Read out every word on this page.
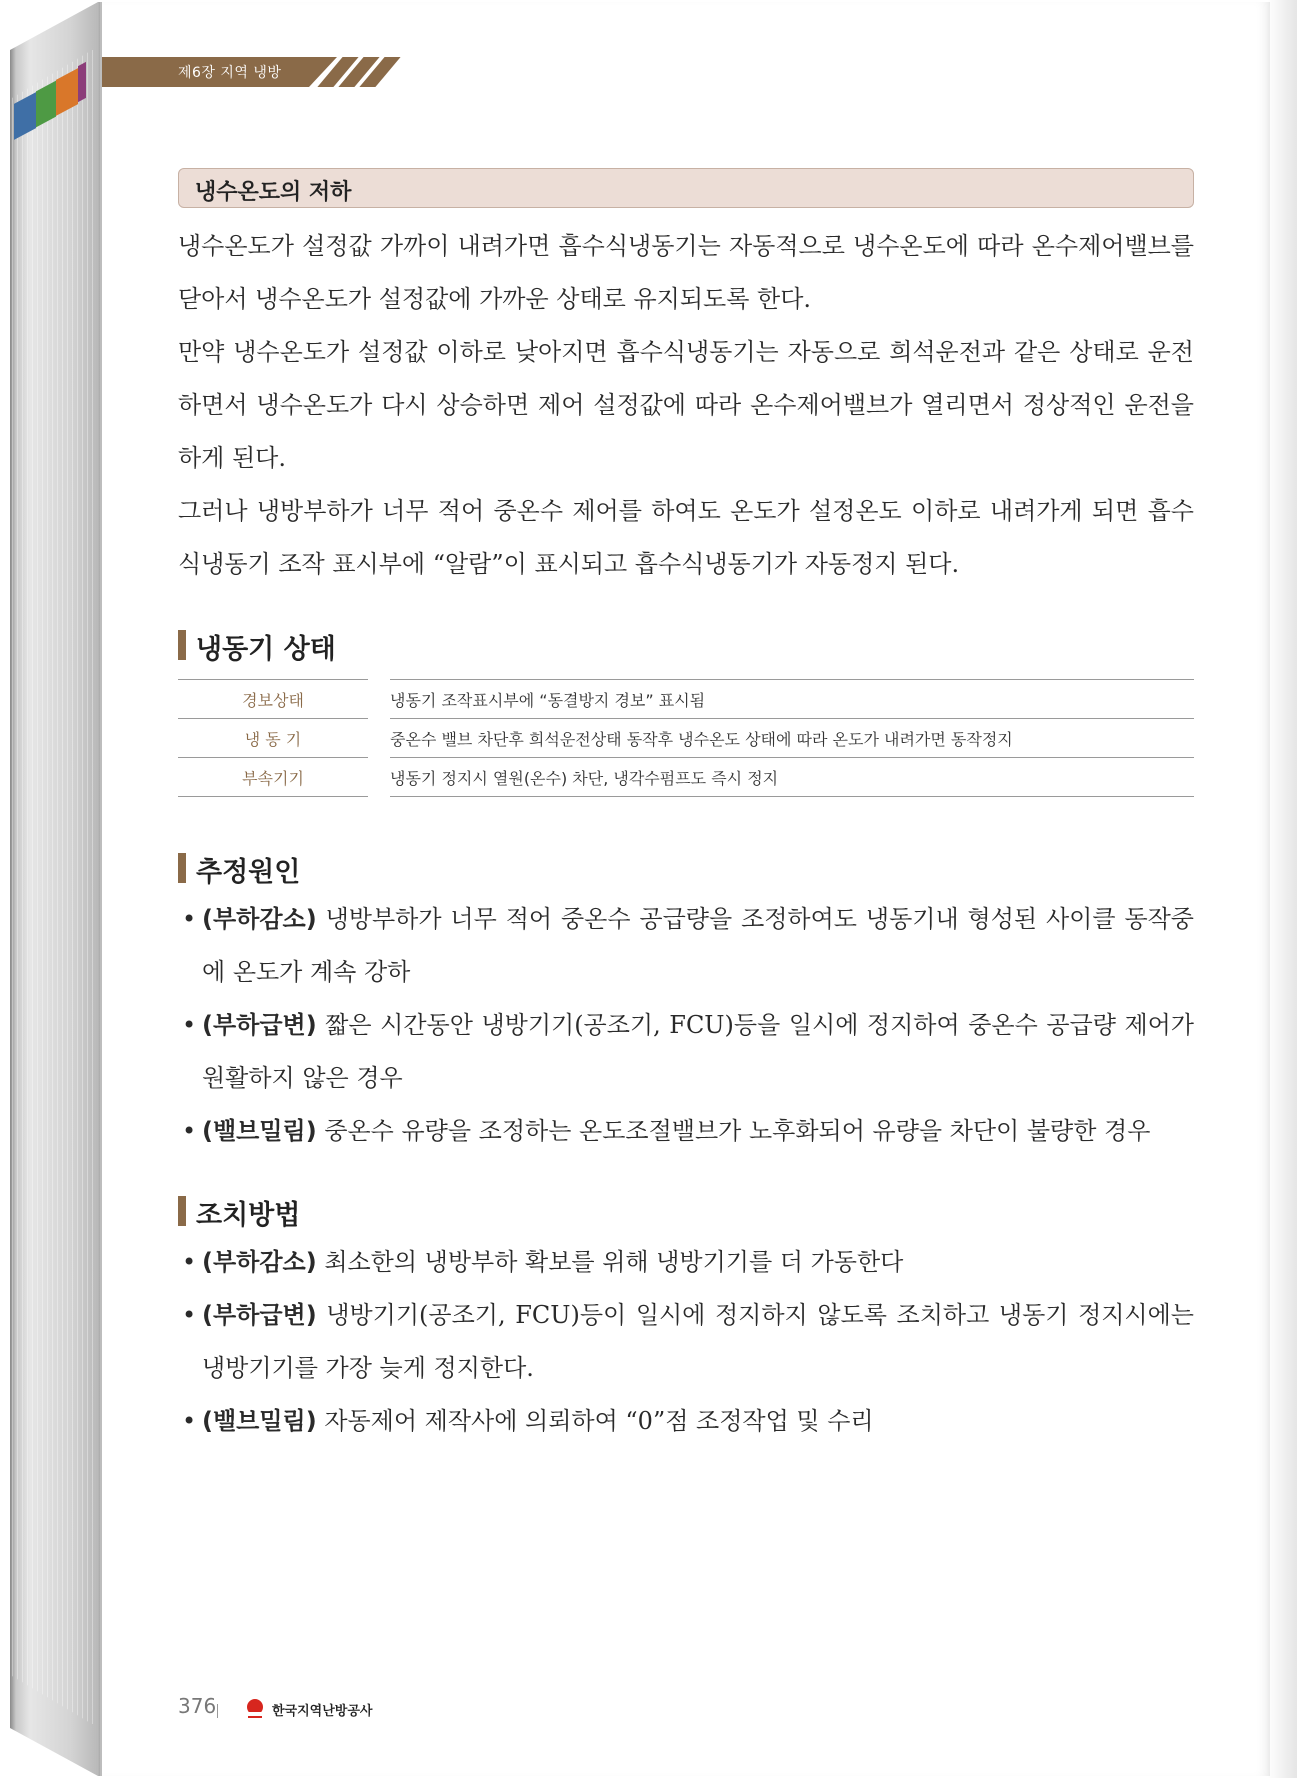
제6장 지역 냉방
냉수온도의 저하

냉수온도가 설정값 가까이 내려가면 흡수식냉동기는 자동적으로 냉수온도에 따라 온수제어밸브를 닫아서 냉수온도가 설정값에 가까운 상태로 유지되도록 한다.

만약 냉수온도가 설정값 이하로 낮아지면 흡수식냉동기는 자동으로 희석운전과 같은 상태로 운전하면서 냉수온도가 다시 상승하면 제어 설정값에 따라 온수제어밸브가 열리면서 정상적인 운전을 하게 된다.

그러나 냉방부하가 너무 적어 중온수 제어를 하여도 온도가 설정온도 이하로 내려가게 되면 흡수식냉동기 조작 표시부에 “알람”이 표시되고 흡수식냉동기가 자동정지 된다.

냉동기 상태
경보상태		냉동기 조작표시부에 “동결방지 경보” 표시됨
냉 동 기		중온수 밸브 차단후 희석운전상태 동작후 냉수온도 상태에 따라 온도가 내려가면 동작정지
부속기기		냉동기 정지시 열원(온수) 차단, 냉각수펌프도 즉시 정지
추정원인
• (부하감소) 냉방부하가 너무 적어 중온수 공급량을 조정하여도 냉동기내 형성된 사이클 동작중에 온도가 계속 강하
• (부하급변) 짧은 시간동안 냉방기기(공조기, FCU)등을 일시에 정지하여 중온수 공급량 제어가 원활하지 않은 경우
• (밸브밀림) 중온수 유량을 조정하는 온도조절밸브가 노후화되어 유량을 차단이 불량한 경우
조치방법
• (부하감소) 최소한의 냉방부하 확보를 위해 냉방기기를 더 가동한다
• (부하급변) 냉방기기(공조기, FCU)등이 일시에 정지하지 않도록 조치하고 냉동기 정지시에는 냉방기기를 가장 늦게 정지한다.
• (밸브밀림) 자동제어 제작사에 의뢰하여 “0”점 조정작업 및 수리
376	한국지역난방공사
